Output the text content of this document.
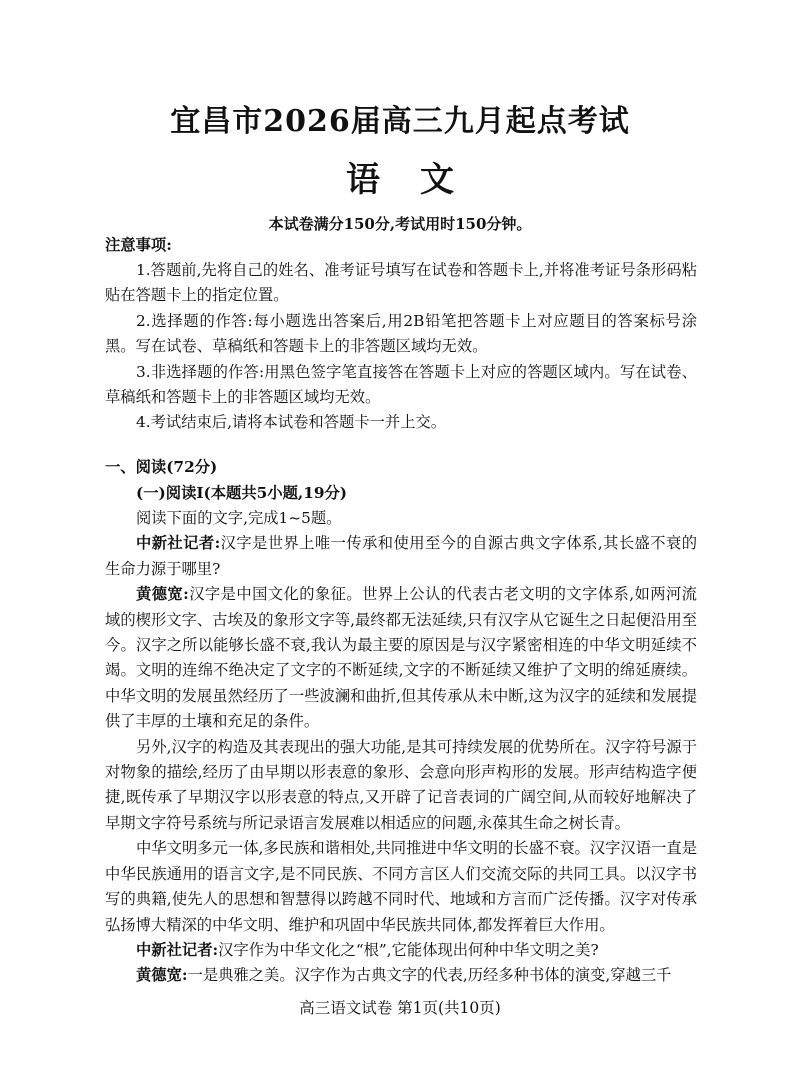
宜昌市2026届高三九月起点考试
语文
本试卷满分150分,考试用时150分钟。
注意事项:

1.答题前,先将自己的姓名、准考证号填写在试卷和答题卡上,并将准考证号条形码粘贴在答题卡上的指定位置。

2.选择题的作答:每小题选出答案后,用2B铅笔把答题卡上对应题目的答案标号涂黑。写在试卷、草稿纸和答题卡上的非答题区域均无效。

3.非选择题的作答:用黑色签字笔直接答在答题卡上对应的答题区域内。写在试卷、草稿纸和答题卡上的非答题区域均无效。

4.考试结束后,请将本试卷和答题卡一并上交。

一、阅读(72分)
(一)阅读Ⅰ(本题共5小题,19分)

阅读下面的文字,完成1~5题。

中新社记者:汉字是世界上唯一传承和使用至今的自源古典文字体系,其长盛不衰的生命力源于哪里?

黄德宽:汉字是中国文化的象征。世界上公认的代表古老文明的文字体系,如两河流域的楔形文字、古埃及的象形文字等,最终都无法延续,只有汉字从它诞生之日起便沿用至今。汉字之所以能够长盛不衰,我认为最主要的原因是与汉字紧密相连的中华文明延续不竭。文明的连绵不绝决定了文字的不断延续,文字的不断延续又维护了文明的绵延赓续。中华文明的发展虽然经历了一些波澜和曲折,但其传承从未中断,这为汉字的延续和发展提供了丰厚的土壤和充足的条件。

另外,汉字的构造及其表现出的强大功能,是其可持续发展的优势所在。汉字符号源于对物象的描绘,经历了由早期以形表意的象形、会意向形声构形的发展。形声结构造字便捷,既传承了早期汉字以形表意的特点,又开辟了记音表词的广阔空间,从而较好地解决了早期文字符号系统与所记录语言发展难以相适应的问题,永葆其生命之树长青。

中华文明多元一体,多民族和谐相处,共同推进中华文明的长盛不衰。汉字汉语一直是中华民族通用的语言文字,是不同民族、不同方言区人们交流交际的共同工具。以汉字书写的典籍,使先人的思想和智慧得以跨越不同时代、地域和方言而广泛传播。汉字对传承弘扬博大精深的中华文明、维护和巩固中华民族共同体,都发挥着巨大作用。

中新社记者:汉字作为中华文化之“根”,它能体现出何种中华文明之美?

黄德宽:一是典雅之美。汉字作为古典文字的代表,历经多种书体的演变,穿越三千

高三语文试卷 第1页(共10页)
